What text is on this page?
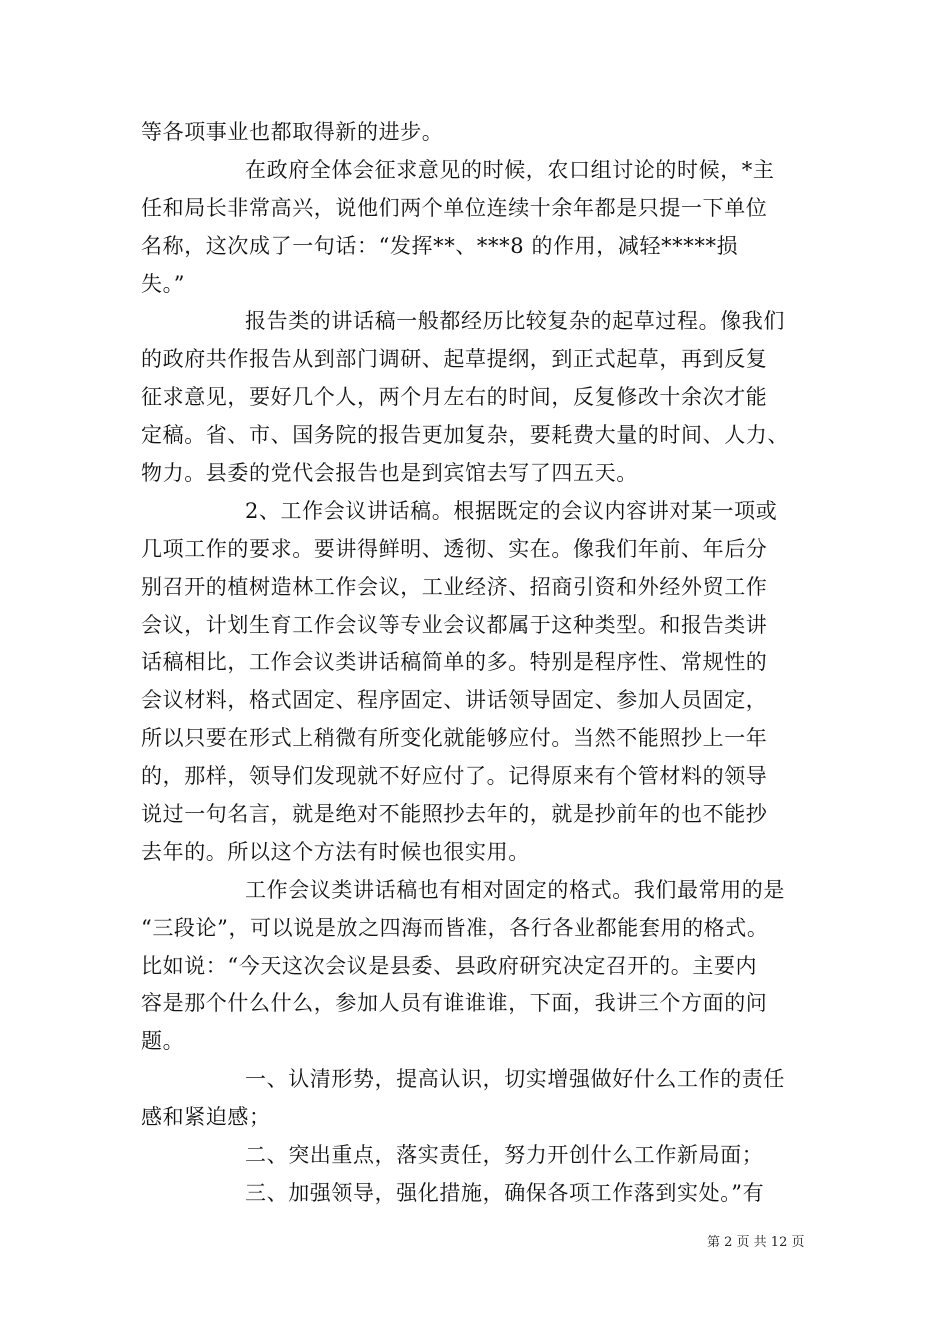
等各项事业也都取得新的进步。
在政府全体会征求意见的时候，农口组讨论的时候，*主
任和局长非常高兴，说他们两个单位连续十余年都是只提一下单位
名称，这次成了一句话：“发挥**、***8 的作用，减轻*****损
失。”
报告类的讲话稿一般都经历比较复杂的起草过程。像我们
的政府共作报告从到部门调研、起草提纲，到正式起草，再到反复
征求意见，要好几个人，两个月左右的时间，反复修改十余次才能
定稿。省、市、国务院的报告更加复杂，要耗费大量的时间、人力、
物力。县委的党代会报告也是到宾馆去写了四五天。
2、工作会议讲话稿。根据既定的会议内容讲对某一项或
几项工作的要求。要讲得鲜明、透彻、实在。像我们年前、年后分
别召开的植树造林工作会议，工业经济、招商引资和外经外贸工作
会议，计划生育工作会议等专业会议都属于这种类型。和报告类讲
话稿相比，工作会议类讲话稿简单的多。特别是程序性、常规性的
会议材料，格式固定、程序固定、讲话领导固定、参加人员固定，
所以只要在形式上稍微有所变化就能够应付。当然不能照抄上一年
的，那样，领导们发现就不好应付了。记得原来有个管材料的领导
说过一句名言，就是绝对不能照抄去年的，就是抄前年的也不能抄
去年的。所以这个方法有时候也很实用。
工作会议类讲话稿也有相对固定的格式。我们最常用的是
“三段论”，可以说是放之四海而皆准，各行各业都能套用的格式。
比如说：“今天这次会议是县委、县政府研究决定召开的。主要内
容是那个什么什么，参加人员有谁谁谁，下面，我讲三个方面的问
题。
一、认清形势，提高认识，切实增强做好什么工作的责任
感和紧迫感；
二、突出重点，落实责任，努力开创什么工作新局面；
三、加强领导，强化措施，确保各项工作落到实处。”有
第 2 页 共 12 页
